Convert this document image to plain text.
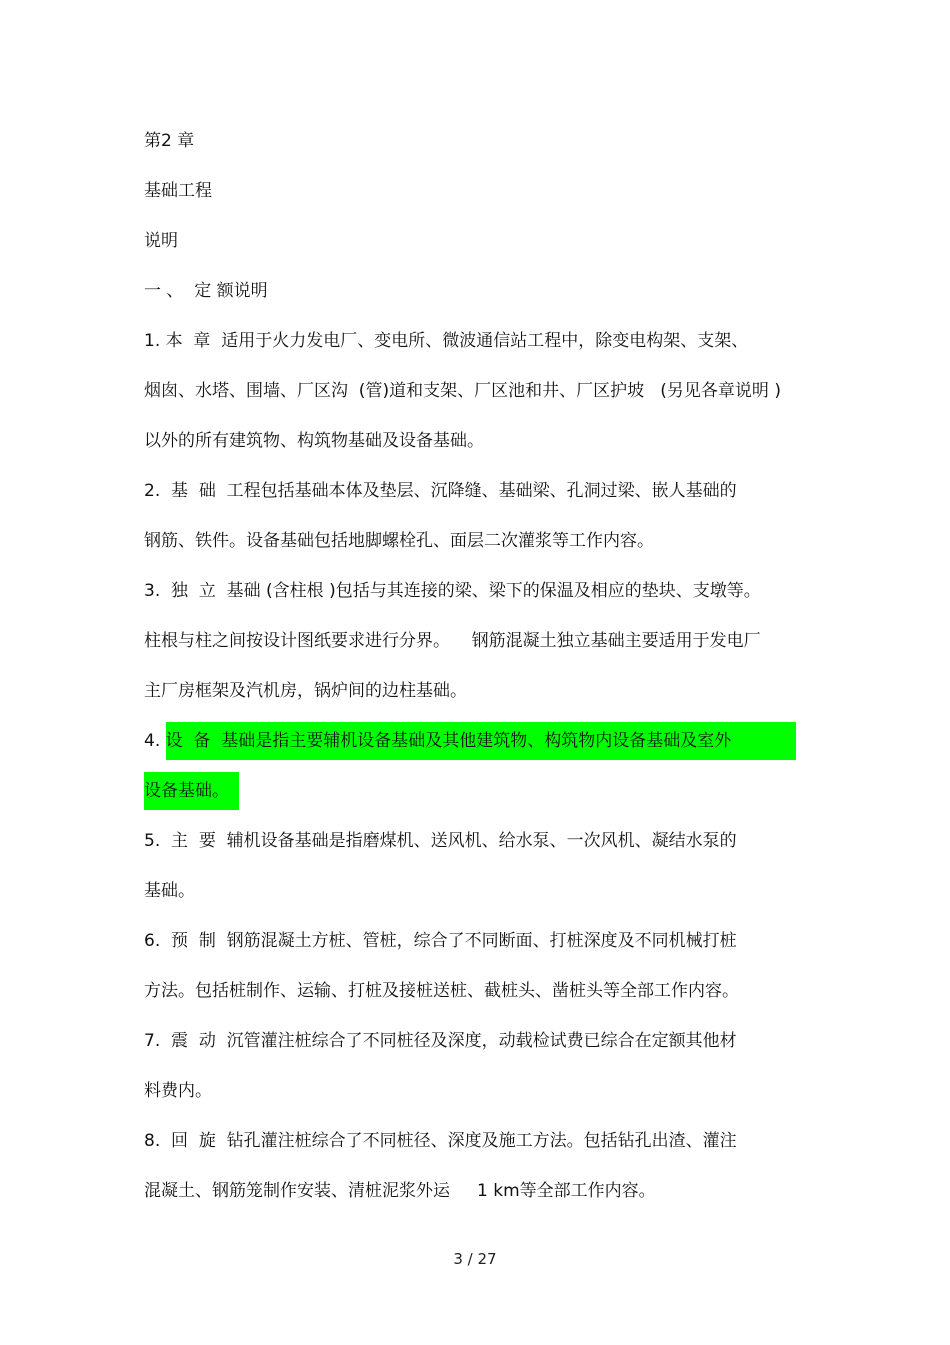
第2 章

基础工程

说明

一 、  定 额说明

1. 本  章  适用于火力发电厂、变电所、微波通信站工程中，除变电构架、支架、

烟囱、水塔、围墙、厂区沟  (管)道和支架、厂区池和井、厂区护坡   (另见各章说明 )

以外的所有建筑物、构筑物基础及设备基础。

2.  基  础  工程包括基础本体及垫层、沉降缝、基础梁、孔洞过梁、嵌人基础的

钢筋、铁件。设备基础包括地脚螺栓孔、面层二次灌浆等工作内容。

3.  独  立  基础 (含柱根 )包括与其连接的梁、梁下的保温及相应的垫块、支墩等。

柱根与柱之间按设计图纸要求进行分界。    钢筋混凝土独立基础主要适用于发电厂

主厂房框架及汽机房，锅炉间的边柱基础。

4. 设  备  基础是指主要辅机设备基础及其他建筑物、构筑物内设备基础及室外

设备基础。

5.  主  要  辅机设备基础是指磨煤机、送风机、给水泵、一次风机、凝结水泵的

基础。

6.  预  制  钢筋混凝土方桩、管桩，综合了不同断面、打桩深度及不同机械打桩

方法。包括桩制作、运输、打桩及接桩送桩、截桩头、凿桩头等全部工作内容。

7.  震  动  沉管灌注桩综合了不同桩径及深度，动载检试费已综合在定额其他材

料费内。

8.  回  旋  钻孔灌注桩综合了不同桩径、深度及施工方法。包括钻孔出渣、灌注

混凝土、钢筋笼制作安装、清桩泥浆外运     1 km等全部工作内容。

3 / 27
